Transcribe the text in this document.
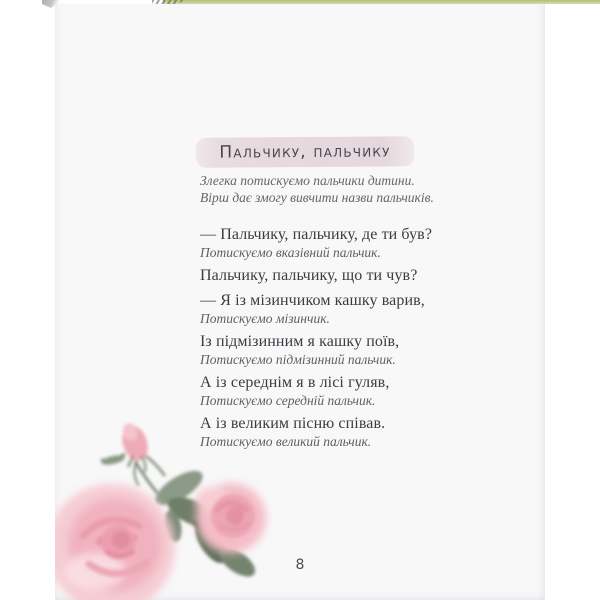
Пальчику, пальчику
Злегка потискуємо пальчики дитини.
Вірш дає змогу вивчити назви пальчиків.
— Пальчику, пальчику, де ти був?
Потискуємо вказівний пальчик.
Пальчику, пальчику, що ти чув?
— Я із мізинчиком кашку варив,
Потискуємо мізинчик.
Із підмізинним я кашку поїв,
Потискуємо підмізинний пальчик.
А із середнім я в лісі гуляв,
Потискуємо середній пальчик.
А із великим пісню співав.
Потискуємо великий пальчик.
8
